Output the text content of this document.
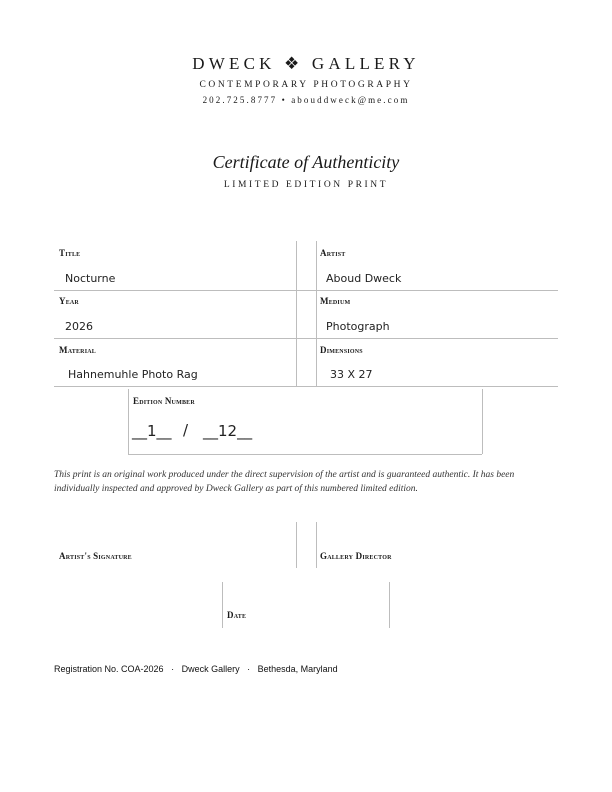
DWECK ❖ GALLERY
CONTEMPORARY PHOTOGRAPHY
202.725.8777 • abouddweck@me.com
Certificate of Authenticity
LIMITED EDITION PRINT
Title
Nocturne
Artist
Aboud Dweck
Year
2026
Medium
Photograph
Material
Hahnemuhle Photo Rag
Dimensions
33 X 27
Edition Number
__1__ / __12__
This print is an original work produced under the direct supervision of the artist and is guaranteed authentic. It has been individually inspected and approved by Dweck Gallery as part of this numbered limited edition.
Artist's Signature	Gallery Director
Date
Registration No. COA-2026 · Dweck Gallery · Bethesda, Maryland
